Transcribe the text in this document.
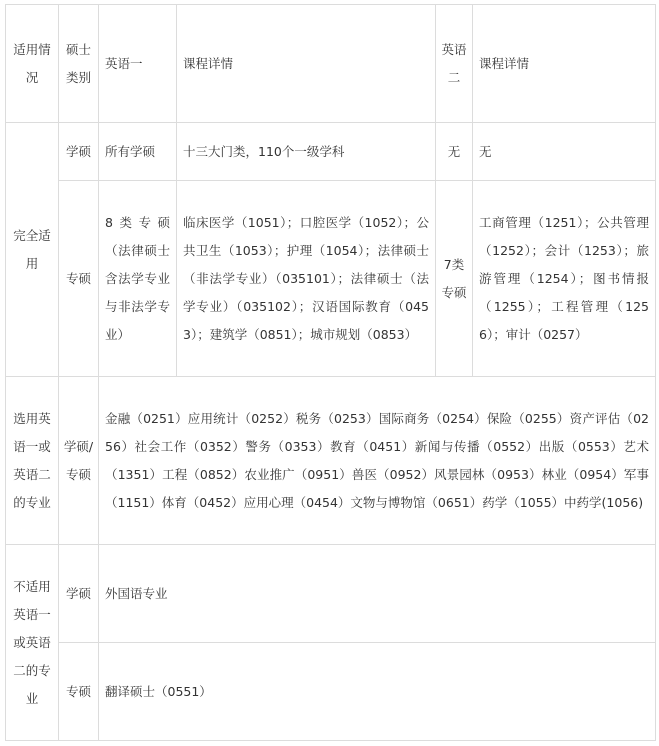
适用情况	硕士类别	英语一	课程详情	英语二	课程详情
完全适用	学硕	所有学硕	十三大门类，110个一级学科	无	无
	专硕	8类专硕（法律硕士含法学专业与非法学专业）	临床医学（1051）；口腔医学（1052）；公共卫生（1053）；护理（1054）；法律硕士（非法学专业）（035101）；法律硕士（法学专业）（035102）；汉语国际教育（0453）；建筑学（0851）；城市规划（0853）	7类专硕	工商管理（1251）；公共管理（1252）；会计（1253）；旅游管理（1254）；图书情报（1255）；工程管理（1256）；审计（0257）
选用英语一或英语二的专业	学硕/专硕	金融（0251）应用统计（0252）税务（0253）国际商务（0254）保险（0255）资产评估（0256）社会工作（0352）警务（0353）教育（0451）新闻与传播（0552）出版（0553）艺术（1351）工程（0852）农业推广（0951）兽医（0952）风景园林（0953）林业（0954）军事（1151）体育（0452）应用心理（0454）文物与博物馆（0651）药学（1055）中药学(1056)			
不适用英语一或英语二的专业	学硕	外国语专业			
	专硕	翻译硕士（0551）			
